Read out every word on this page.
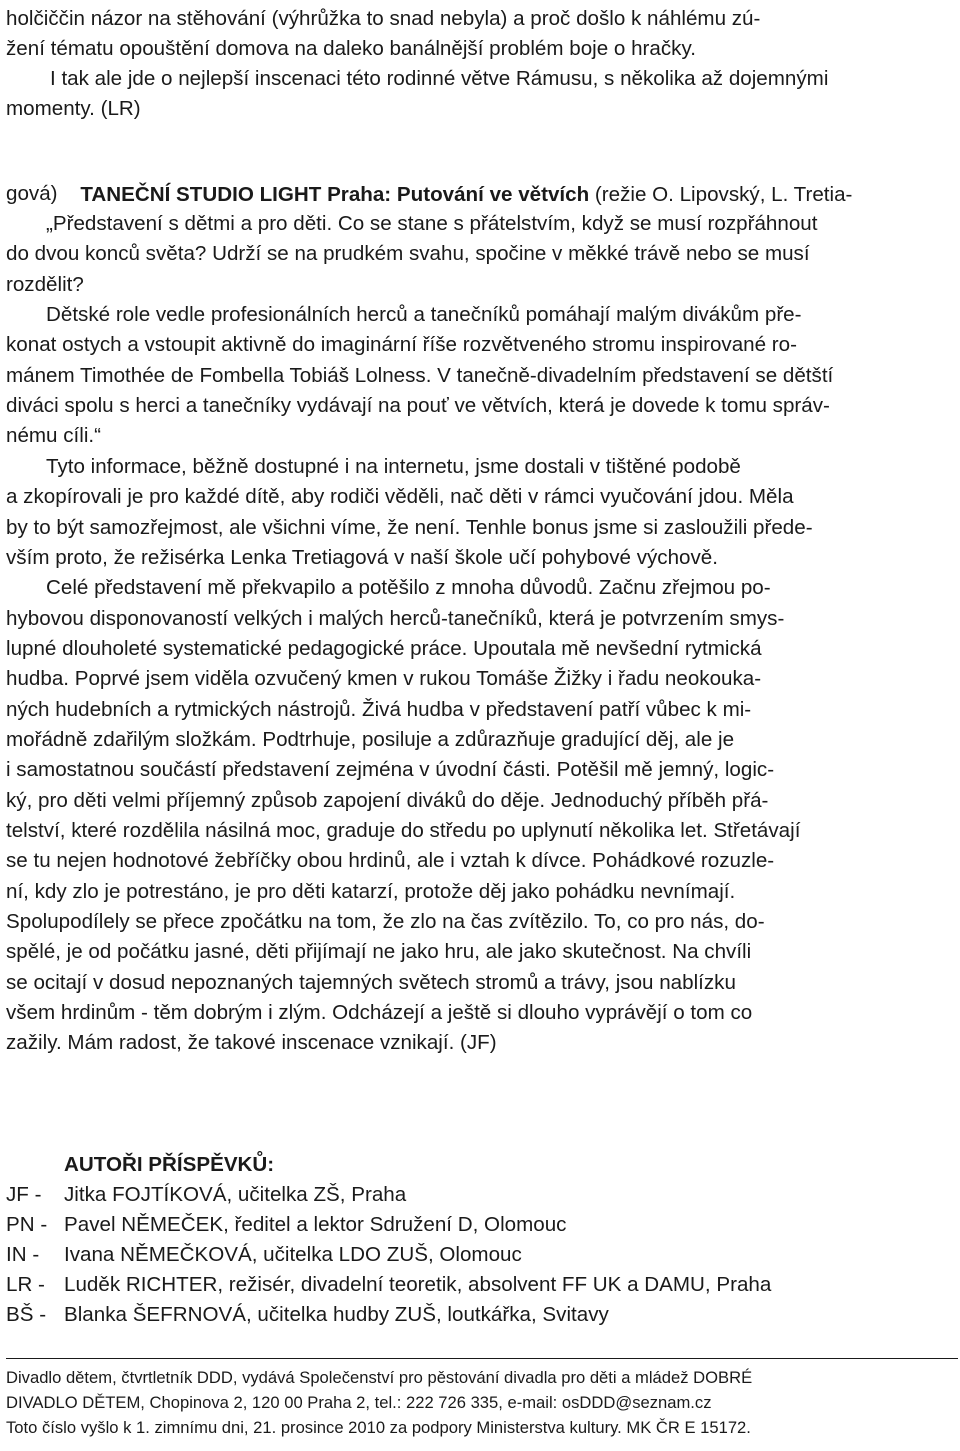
holčiččin názor na stěhování (výhrůžka to snad nebyla) a proč došlo k náhlému zú-
žení tématu opouštění domova na daleko banálnější problém boje o hračky.
I tak ale jde o nejlepší inscenaci této rodinné větve Rámusu, s několika až dojemnými
momenty. (LR)

TANEČNÍ STUDIO LIGHT Praha: Putování ve větvích (režie O. Lipovský, L. Tretia-

gová)
„Představení s dětmi a pro děti. Co se stane s přátelstvím, když se musí rozpřáhnout
do dvou konců světa? Udrží se na prudkém svahu, spočine v měkké trávě nebo se musí
rozdělit?
Dětské role vedle profesionálních herců a tanečníků pomáhají malým divákům pře-
konat ostych a vstoupit aktivně do imaginární říše rozvětveného stromu inspirované ro-
mánem Timothée de Fombella Tobiáš Lolness. V tanečně-divadelním představení se dětští
diváci spolu s herci a tanečníky vydávají na pouť ve větvích, která je dovede k tomu správ-
nému cíli.“
Tyto informace, běžně dostupné i na internetu, jsme dostali v tištěné podobě
a zkopírovali je pro každé dítě, aby rodiči věděli, nač děti v rámci vyučování jdou. Měla
by to být samozřejmost, ale všichni víme, že není. Tenhle bonus jsme si zasloužili přede-
vším proto, že režisérka Lenka Tretiagová v naší škole učí pohybové výchově.
Celé představení mě překvapilo a potěšilo z mnoha důvodů. Začnu zřejmou po-
hybovou disponovaností velkých i malých herců-tanečníků, která je potvrzením smys-
lupné dlouholeté systematické pedagogické práce. Upoutala mě nevšední rytmická
hudba. Poprvé jsem viděla ozvučený kmen v rukou Tomáše Žižky i řadu neokouka-
ných hudebních a rytmických nástrojů. Živá hudba v představení patří vůbec k mi-
mořádně zdařilým složkám. Podtrhuje, posiluje a zdůrazňuje gradující děj, ale je
i samostatnou součástí představení zejména v úvodní části. Potěšil mě jemný, logic-
ký, pro děti velmi příjemný způsob zapojení diváků do děje. Jednoduchý příběh přá-
telství, které rozdělila násilná moc, graduje do středu po uplynutí několika let. Střetávají
se tu nejen hodnotové žebříčky obou hrdinů, ale i vztah k dívce. Pohádkové rozuzle-
ní, kdy zlo je potrestáno, je pro děti katarzí, protože děj jako pohádku nevnímají.
Spolupodílely se přece zpočátku na tom, že zlo na čas zvítězilo. To, co pro nás, do-
spělé, je od počátku jasné, děti přijímají ne jako hru, ale jako skutečnost. Na chvíli
se ocitají v dosud nepoznaných tajemných světech stromů a trávy, jsou nablízku
všem hrdinům - těm dobrým i zlým. Odcházejí a ještě si dlouho vyprávějí o tom co
zažily. Mám radost, že takové inscenace vznikají. (JF)
AUTOŘI PŘÍSPĚVKŮ:
JF -	Jitka FOJTÍKOVÁ, učitelka ZŠ, Praha
PN - Pavel NĚMEČEK, ředitel a lektor Sdružení D, Olomouc
IN -	Ivana NĚMEČKOVÁ, učitelka LDO ZUŠ, Olomouc
LR - Luděk RICHTER, režisér, divadelní teoretik, absolvent FF UK a DAMU, Praha
BŠ - Blanka ŠEFRNOVÁ, učitelka hudby ZUŠ, loutkářka, Svitavy
Divadlo dětem, čtvrtletník DDD, vydává Společenství pro pěstování divadla pro děti a mládež DOBRÉ
DIVADLO DĚTEM, Chopinova 2, 120 00 Praha 2, tel.: 222 726 335, e-mail: osDDD@seznam.cz
Toto číslo vyšlo k 1. zimnímu dni, 21. prosince 2010 za podpory Ministerstva kultury. MK ČR E 15172.
